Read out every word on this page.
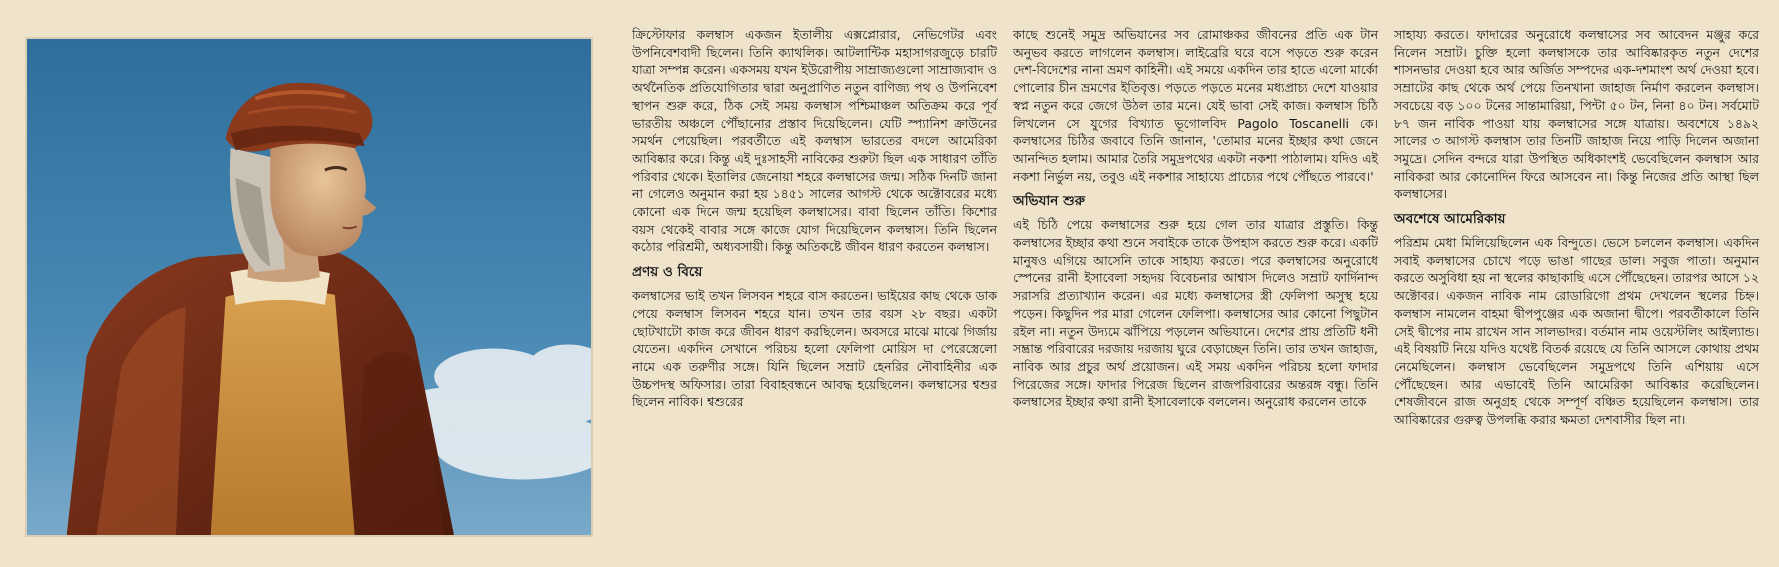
ক্রিস্টোফার কলম্বাস একজন ইতালীয় এক্সপ্লোরার, নেভিগেটর এবং উপনিবেশবাদী ছিলেন। তিনি ক্যাথলিক। আটলান্টিক মহাসাগরজুড়ে চারটি যাত্রা সম্পন্ন করেন। একসময় যখন ইউরোপীয় সাম্রাজ্যগুলো সাম্রাজ্যবাদ ও অর্থনৈতিক প্রতিযোগিতার দ্বারা অনুপ্রাণিত নতুন বাণিজ্য পথ ও উপনিবেশ স্থাপন শুরু করে, ঠিক সেই সময় কলম্বাস পশ্চিমাঞ্চল অতিক্রম করে পূর্ব ভারতীয় অঞ্চলে পৌঁছানোর প্রস্তাব দিয়েছিলেন। যেটি স্প্যানিশ ক্রাউনের সমর্থন পেয়েছিল। পরবর্তীতে এই কলম্বাস ভারতের বদলে আমেরিকা আবিষ্কার করে। কিন্তু এই দুঃসাহসী নাবিকের শুরুটা ছিল এক সাধারণ তাঁতি পরিবার থেকে। ইতালির জেনোয়া শহরে কলম্বাসের জন্ম। সঠিক দিনটি জানা না গেলেও অনুমান করা হয় ১৪৫১ সালের আগস্ট থেকে অক্টোবরের মধ্যে কোনো এক দিনে জন্ম হয়েছিল কলম্বাসের। বাবা ছিলেন তাঁতি। কিশোর বয়স থেকেই বাবার সঙ্গে কাজে যোগ দিয়েছিলেন কলম্বাস। তিনি ছিলেন কঠোর পরিশ্রমী, অধ্যবসায়ী। কিন্তু অতিকষ্টে জীবন ধারণ করতেন কলম্বাস।

প্রণয় ও বিয়ে

কলম্বাসের ভাই তখন লিসবন শহরে বাস করতেন। ভাইয়ের কাছ থেকে ডাক পেয়ে কলম্বাস লিসবন শহরে যান। তখন তার বয়স ২৮ বছর। একটা ছোটখাটো কাজ করে জীবন ধারণ করছিলেন। অবসরে মাঝে মাঝে গির্জায় যেতেন। একদিন সেখানে পরিচয় হলো ফেলিপা মোয়িস দা পেরেস্ত্রেলো নামে এক তরুণীর সঙ্গে। যিনি ছিলেন সম্রাট হেনরির নৌবাহিনীর এক উচ্চপদস্থ অফিসার। তারা বিবাহবন্ধনে আবদ্ধ হয়েছিলেন। কলম্বাসের শ্বশুর ছিলেন নাবিক। শ্বশুরের

কাছে শুনেই সমুদ্র অভিযানের সব রোমাঞ্চকর জীবনের প্রতি এক টান অনুভব করতে লাগলেন কলম্বাস। লাইব্রেরি ঘরে বসে পড়তে শুরু করেন দেশ-বিদেশের নানা ভ্রমণ কাহিনী। এই সময়ে একদিন তার হাতে এলো মার্কো পোলোর চীন ভ্রমণের ইতিবৃত্ত। পড়তে পড়তে মনের মধ্যপ্রাচ্য দেশে যাওয়ার স্বপ্ন নতুন করে জেগে উঠল তার মনে। যেই ভাবা সেই কাজ। কলম্বাস চিঠি লিখলেন সে যুগের বিখ্যাত ভূগোলবিদ Pagolo Toscanelli কে। কলম্বাসের চিঠির জবাবে তিনি জানান, 'তোমার মনের ইচ্ছার কথা জেনে আনন্দিত হলাম। আমার তৈরি সমুদ্রপথের একটা নকশা পাঠালাম। যদিও এই নকশা নির্ভুল নয়, তবুও এই নকশার সাহায্যে প্রাচ্যের পথে পৌঁছতে পারবে।'

অভিযান শুরু

এই চিঠি পেয়ে কলম্বাসের শুরু হয়ে গেল তার যাত্রার প্রস্তুতি। কিন্তু কলম্বাসের ইচ্ছার কথা শুনে সবাইকে তাকে উপহাস করতে শুরু করে। একটি মানুষও এগিয়ে আসেনি তাকে সাহায্য করতে। পরে কলম্বাসের অনুরোধে স্পেনের রানী ইসাবেলা সহৃদয় বিবেচনার আশ্বাস দিলেও সম্রাট ফার্দিনান্দ সরাসরি প্রত্যাখ্যান করেন। এর মধ্যে কলম্বাসের স্ত্রী ফেলিপা অসুস্থ হয়ে পড়েন। কিছুদিন পর মারা গেলেন ফেলিপা। কলম্বাসের আর কোনো পিছুটান রইল না। নতুন উদ্যমে ঝাঁপিয়ে পড়লেন অভিযানে। দেশের প্রায় প্রতিটি ধনী সম্ভ্রান্ত পরিবারের দরজায় দরজায় ঘুরে বেড়াচ্ছেন তিনি। তার তখন জাহাজ, নাবিক আর প্রচুর অর্থ প্রয়োজন। এই সময় একদিন পরিচয় হলো ফাদার পিরেজের সঙ্গে। ফাদার পিরেজ ছিলেন রাজপরিবারের অন্তরঙ্গ বন্ধু। তিনি কলম্বাসের ইচ্ছার কথা রানী ইসাবেলাকে বললেন। অনুরোধ করলেন তাকে

সাহায্য করতে। ফাদারের অনুরোধে কলম্বাসের সব আবেদন মঞ্জুর করে নিলেন সম্রাট। চুক্তি হলো কলম্বাসকে তার আবিষ্কারকৃত নতুন দেশের শাসনভার দেওয়া হবে আর অর্জিত সম্পদের এক-দশমাংশ অর্থ দেওয়া হবে। সম্রাটের কাছ থেকে অর্থ পেয়ে তিনখানা জাহাজ নির্মাণ করলেন কলম্বাস। সবচেয়ে বড় ১০০ টনের সান্তামারিয়া, পিন্টা ৫০ টন, নিনা ৪০ টন। সর্বমোট ৮৭ জন নাবিক পাওয়া যায় কলম্বাসের সঙ্গে যাত্রায়। অবশেষে ১৪৯২ সালের ৩ আগস্ট কলম্বাস তার তিনটি জাহাজ নিয়ে পাড়ি দিলেন অজানা সমুদ্রে। সেদিন বন্দরে যারা উপস্থিত অধিকাংশই ভেবেছিলেন কলম্বাস আর নাবিকরা আর কোনোদিন ফিরে আসবেন না। কিন্তু নিজের প্রতি আস্থা ছিল কলম্বাসের।

অবশেষে আমেরিকায়

পরিশ্রম মেধা মিলিয়েছিলেন এক বিন্দুতে। ভেসে চললেন কলম্বাস। একদিন সবাই কলম্বাসের চোখে পড়ে ভাঙা গাছের ডাল। সবুজ পাতা। অনুমান করতে অসুবিধা হয় না স্থলের কাছাকাছি এসে পৌঁছেছেন। তারপর আসে ১২ অক্টোবর। একজন নাবিক নাম রোডারিগো প্রথম দেখলেন স্থলের চিহ্ন। কলম্বাস নামলেন বাহমা দ্বীপপুঞ্জের এক অজানা দ্বীপে। পরবর্তীকালে তিনি সেই দ্বীপের নাম রাখেন সান সালভাদর। বর্তমান নাম ওয়েস্টলিং আইল্যান্ড। এই বিষয়টি নিয়ে যদিও যথেষ্ট বিতর্ক রয়েছে যে তিনি আসলে কোথায় প্রথম নেমেছিলেন। কলম্বাস ভেবেছিলেন সমুদ্রপথে তিনি এশিয়ায় এসে পৌঁছেছেন। আর এভাবেই তিনি আমেরিকা আবিষ্কার করেছিলেন। শেষজীবনে রাজ অনুগ্রহ থেকে সম্পূর্ণ বঞ্চিত হয়েছিলেন কলম্বাস। তার আবিষ্কারের গুরুত্ব উপলব্ধি করার ক্ষমতা দেশবাসীর ছিল না।
